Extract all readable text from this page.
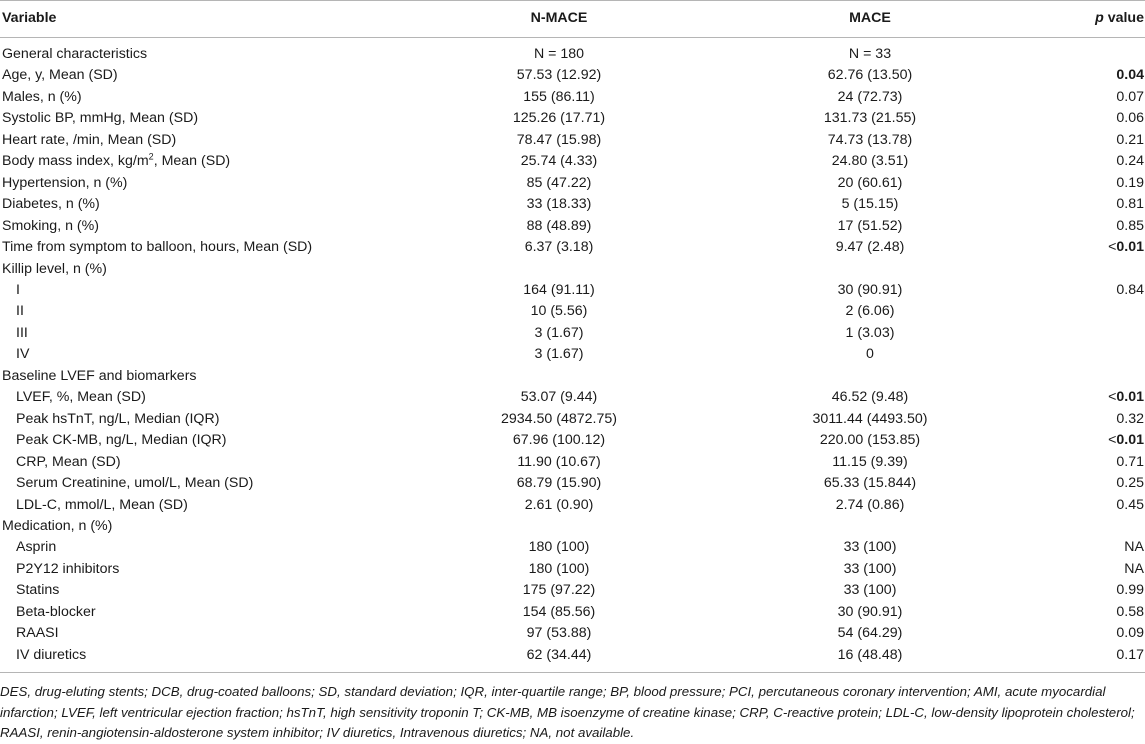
Variable	N-MACE	MACE	p value
General characteristics	N = 180	N = 33	
Age, y, Mean (SD)	57.53 (12.92)	62.76 (13.50)	0.04
Males, n (%)	155 (86.11)	24 (72.73)	0.07
Systolic BP, mmHg, Mean (SD)	125.26 (17.71)	131.73 (21.55)	0.06
Heart rate, /min, Mean (SD)	78.47 (15.98)	74.73 (13.78)	0.21
Body mass index, $kg/m^2$, Mean (SD)	25.74 (4.33)	24.80 (3.51)	0.24
Hypertension, n (%)	85 (47.22)	20 (60.61)	0.19
Diabetes, n (%)	33 (18.33)	5 (15.15)	0.81
Smoking, n (%)	88 (48.89)	17 (51.52)	0.85
Time from symptom to balloon, hours, Mean (SD)	6.37 (3.18)	9.47 (2.48)	<0.01
Killip level, n (%)			
I	164 (91.11)	30 (90.91)	0.84
II	10 (5.56)	2 (6.06)	
III	3 (1.67)	1 (3.03)	
IV	3 (1.67)	0	
Baseline LVEF and biomarkers			
LVEF, %, Mean (SD)	53.07 (9.44)	46.52 (9.48)	<0.01
Peak hsTnT, ng/L, Median (IQR)	2934.50 (4872.75)	3011.44 (4493.50)	0.32
Peak CK-MB, ng/L, Median (IQR)	67.96 (100.12)	220.00 (153.85)	<0.01
CRP, Mean (SD)	11.90 (10.67)	11.15 (9.39)	0.71
Serum Creatinine, umol/L, Mean (SD)	68.79 (15.90)	65.33 (15.844)	0.25
LDL-C, mmol/L, Mean (SD)	2.61 (0.90)	2.74 (0.86)	0.45
Medication, n (%)			
Asprin	180 (100)	33 (100)	NA
P2Y12 inhibitors	180 (100)	33 (100)	NA
Statins	175 (97.22)	33 (100)	0.99
Beta-blocker	154 (85.56)	30 (90.91)	0.58
RAASI	97 (53.88)	54 (64.29)	0.09
IV diuretics	62 (34.44)	16 (48.48)	0.17
DES, drug-eluting stents; DCB, drug-coated balloons; SD, standard deviation; IQR, inter-quartile range; BP, blood pressure; PCI, percutaneous coronary intervention; AMI, acute myocardial infarction; LVEF, left ventricular ejection fraction; hsTnT, high sensitivity troponin T; CK-MB, MB isoenzyme of creatine kinase; CRP, C-reactive protein; LDL-C, low-density lipoprotein cholesterol; RAASI, renin-angiotensin-aldosterone system inhibitor; IV diuretics, Intravenous diuretics; NA, not available.
